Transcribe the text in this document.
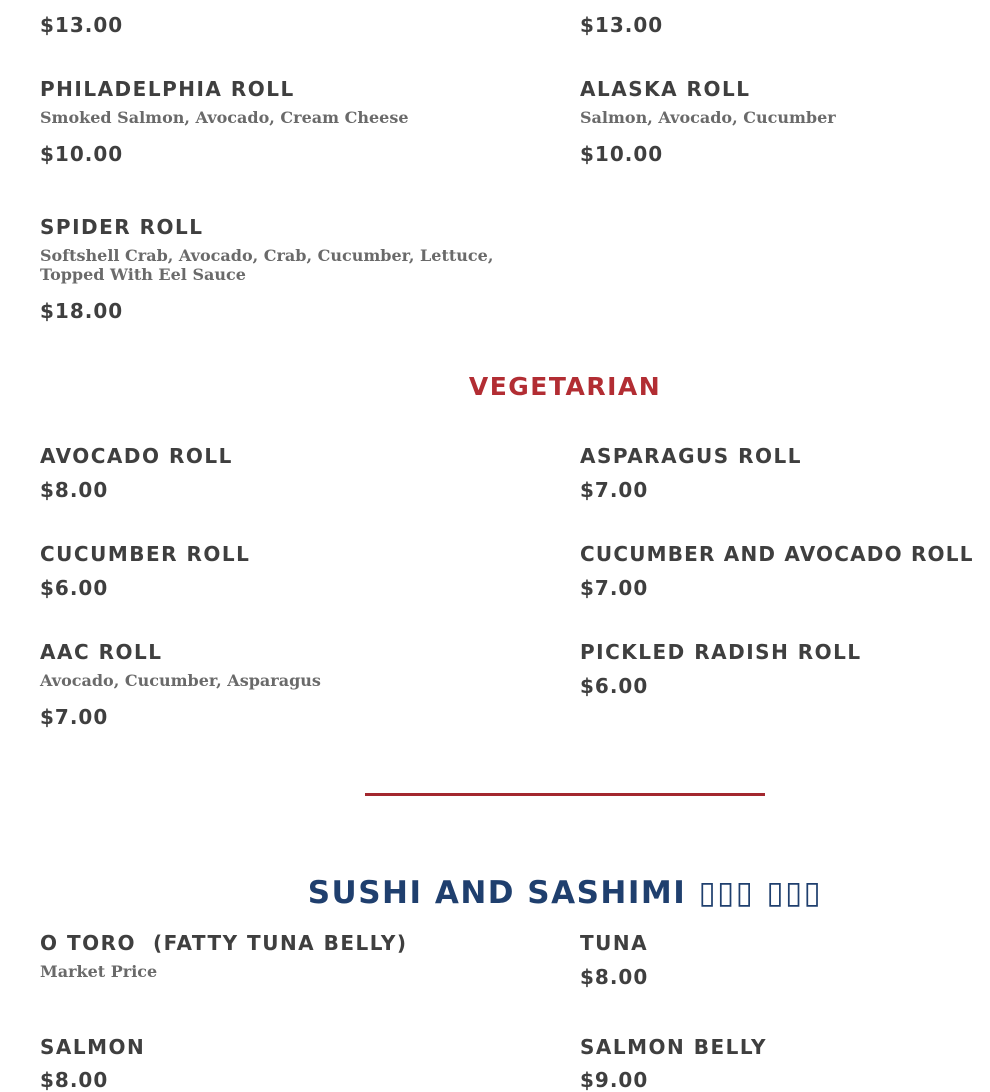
$13.00	$13.00
PHILADELPHIA ROLL
Smoked Salmon, Avocado, Cream Cheese
$10.00
ALASKA ROLL
Salmon, Avocado, Cucumber
$10.00
SPIDER ROLL
Softshell Crab, Avocado, Crab, Cucumber, Lettuce, Topped With Eel Sauce
$18.00
VEGETARIAN
AVOCADO ROLL
$8.00
ASPARAGUS ROLL
$7.00
CUCUMBER ROLL
$6.00
CUCUMBER AND AVOCADO ROLL
$7.00
AAC ROLL
Avocado, Cucumber, Asparagus
$7.00
PICKLED RADISH ROLL
$6.00
SUSHI AND SASHIMI ▯▯▯ ▯▯▯
O TORO  (FATTY TUNA BELLY)
Market Price
TUNA
$8.00
SALMON
$8.00
SALMON BELLY
$9.00
